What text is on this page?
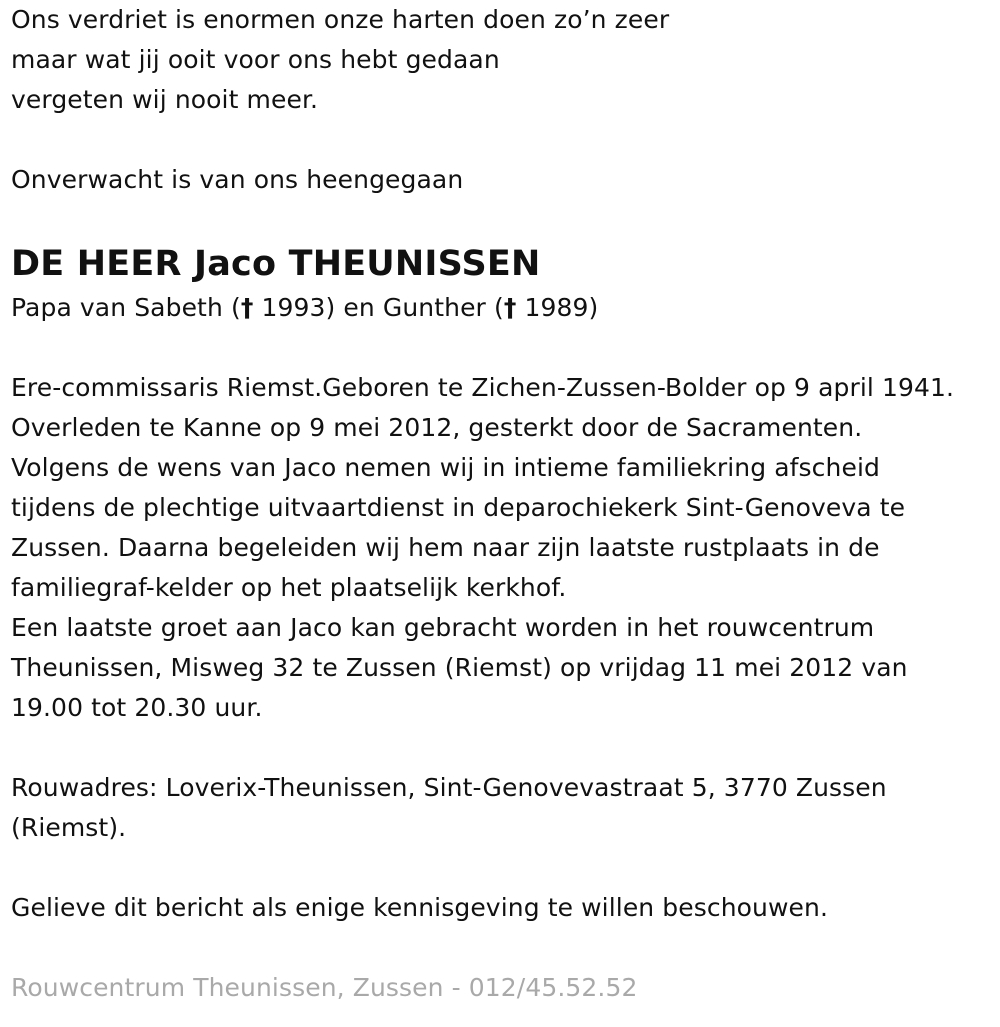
Ons verdriet is enormen onze harten doen zo’n zeer
maar wat jij ooit voor ons hebt gedaan
vergeten wij nooit meer.
Onverwacht is van ons heengegaan
DE HEER Jaco THEUNISSEN
Papa van Sabeth († 1993) en Gunther († 1989)
Ere-commissaris Riemst.Geboren te Zichen-Zussen-Bolder op 9 april 1941.
Overleden te Kanne op 9 mei 2012, gesterkt door de Sacramenten.
Volgens de wens van Jaco nemen wij in intieme familiekring afscheid
tijdens de plechtige uitvaartdienst in deparochiekerk Sint-Genoveva te
Zussen. Daarna begeleiden wij hem naar zijn laatste rustplaats in de
familiegraf-kelder op het plaatselijk kerkhof.
Een laatste groet aan Jaco kan gebracht worden in het rouwcentrum
Theunissen, Misweg 32 te Zussen (Riemst) op vrijdag 11 mei 2012 van
19.00 tot 20.30 uur.
Rouwadres: Loverix-Theunissen, Sint-Genovevastraat 5, 3770 Zussen
(Riemst).
Gelieve dit bericht als enige kennisgeving te willen beschouwen.
Rouwcentrum Theunissen, Zussen - 012/45.52.52
